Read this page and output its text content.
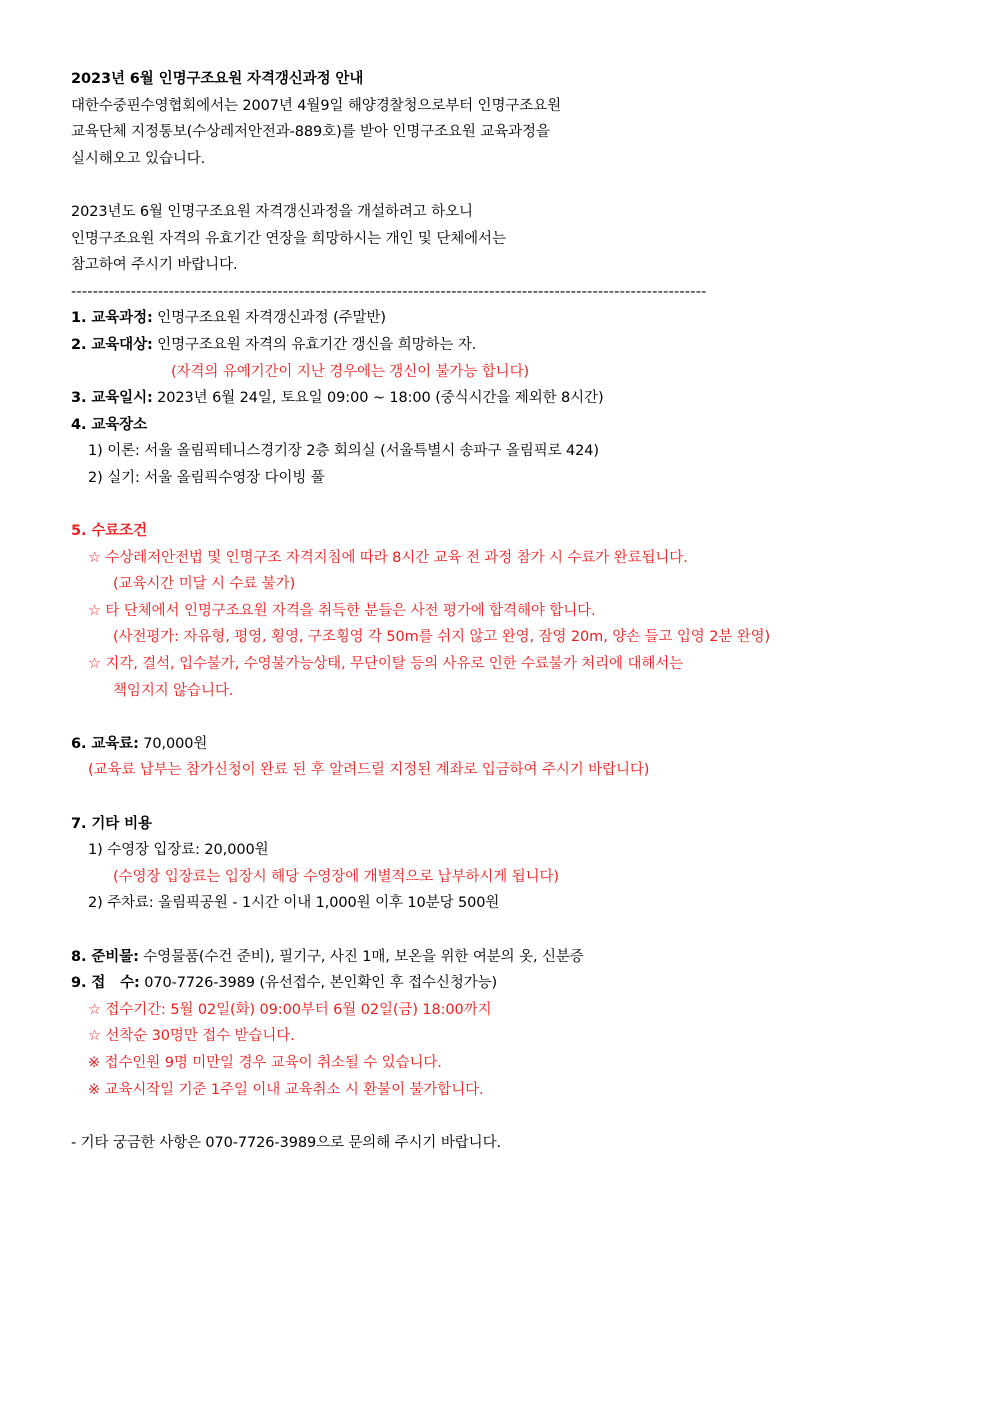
2023년 6월 인명구조요원 자격갱신과정 안내
대한수중핀수영협회에서는 2007년 4월9일 해양경찰청으로부터 인명구조요원
교육단체 지정통보(수상레저안전과-889호)를 받아 인명구조요원 교육과정을
실시해오고 있습니다.
2023년도 6월 인명구조요원 자격갱신과정을 개설하려고 하오니
인명구조요원 자격의 유효기간 연장을 희망하시는 개인 및 단체에서는
참고하여 주시기 바랍니다.
---------------------------------------------------------------------------------------------------------------------
1. 교육과정: 인명구조요원 자격갱신과정 (주말반)
2. 교육대상: 인명구조요원 자격의 유효기간 갱신을 희망하는 자.
(자격의 유예기간이 지난 경우에는 갱신이 불가능 합니다)
3. 교육일시: 2023년 6월 24일, 토요일 09:00 ~ 18:00 (중식시간을 제외한 8시간)
4. 교육장소
1) 이론: 서울 올림픽테니스경기장 2층 회의실 (서울특별시 송파구 올림픽로 424)
2) 실기: 서울 올림픽수영장 다이빙 풀
5. 수료조건
☆ 수상레저안전법 및 인명구조 자격지침에 따라 8시간 교육 전 과정 참가 시 수료가 완료됩니다.
(교육시간 미달 시 수료 불가)
☆ 타 단체에서 인명구조요원 자격을 취득한 분들은 사전 평가에 합격해야 합니다.
(사전평가: 자유형, 평영, 횡영, 구조횡영 각 50m를 쉬지 않고 완영, 잠영 20m, 양손 들고 입영 2분 완영)
☆ 지각, 결석, 입수불가, 수영불가능상태, 무단이탈 등의 사유로 인한 수료불가 처리에 대해서는
책임지지 않습니다.
6. 교육료: 70,000원
(교육료 납부는 참가신청이 완료 된 후 알려드릴 지정된 계좌로 입금하여 주시기 바랍니다)
7. 기타 비용
1) 수영장 입장료: 20,000원
(수영장 입장료는 입장시 해당 수영장에 개별적으로 납부하시게 됩니다)
2) 주차료: 올림픽공원 - 1시간 이내 1,000원 이후 10분당 500원
8. 준비물: 수영물품(수건 준비), 필기구, 사진 1매, 보온을 위한 여분의 옷, 신분증
9. 접   수: 070-7726-3989 (유선접수, 본인확인 후 접수신청가능)
☆ 접수기간: 5월 02일(화) 09:00부터 6월 02일(금) 18:00까지
☆ 선착순 30명만 접수 받습니다.
※ 접수인원 9명 미만일 경우 교육이 취소될 수 있습니다.
※ 교육시작일 기준 1주일 이내 교육취소 시 환불이 불가합니다.
- 기타 궁금한 사항은 070-7726-3989으로 문의해 주시기 바랍니다.
